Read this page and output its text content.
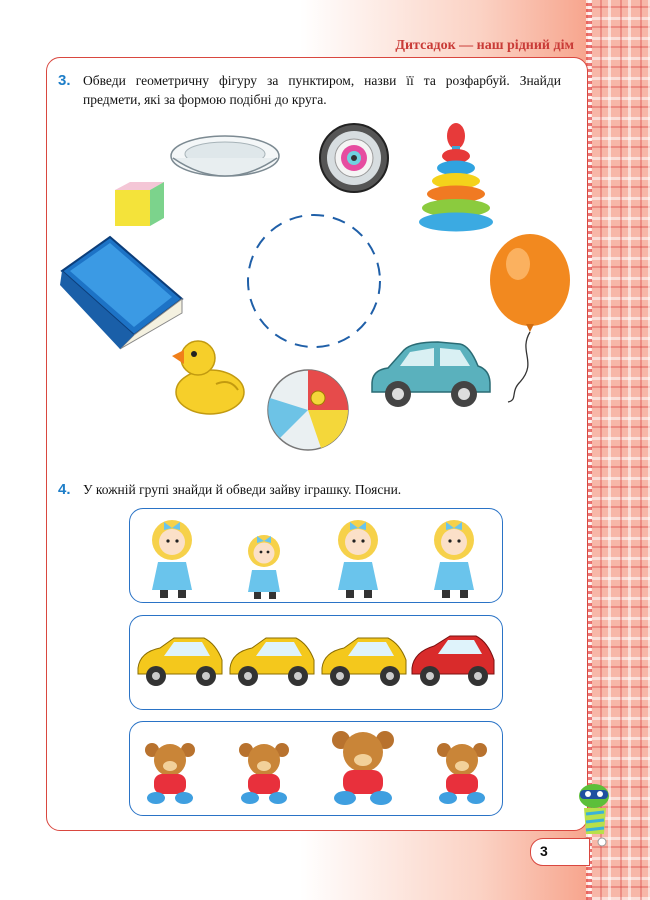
Дитсадок — наш рідний дім
3. Обведи геометричну фігуру за пунктиром, назви її та розфарбуй. Знайди предмети, які за формою подібні до круга.
4. У кожній групі знайди й обведи зайву іграшку. Поясни.
3
